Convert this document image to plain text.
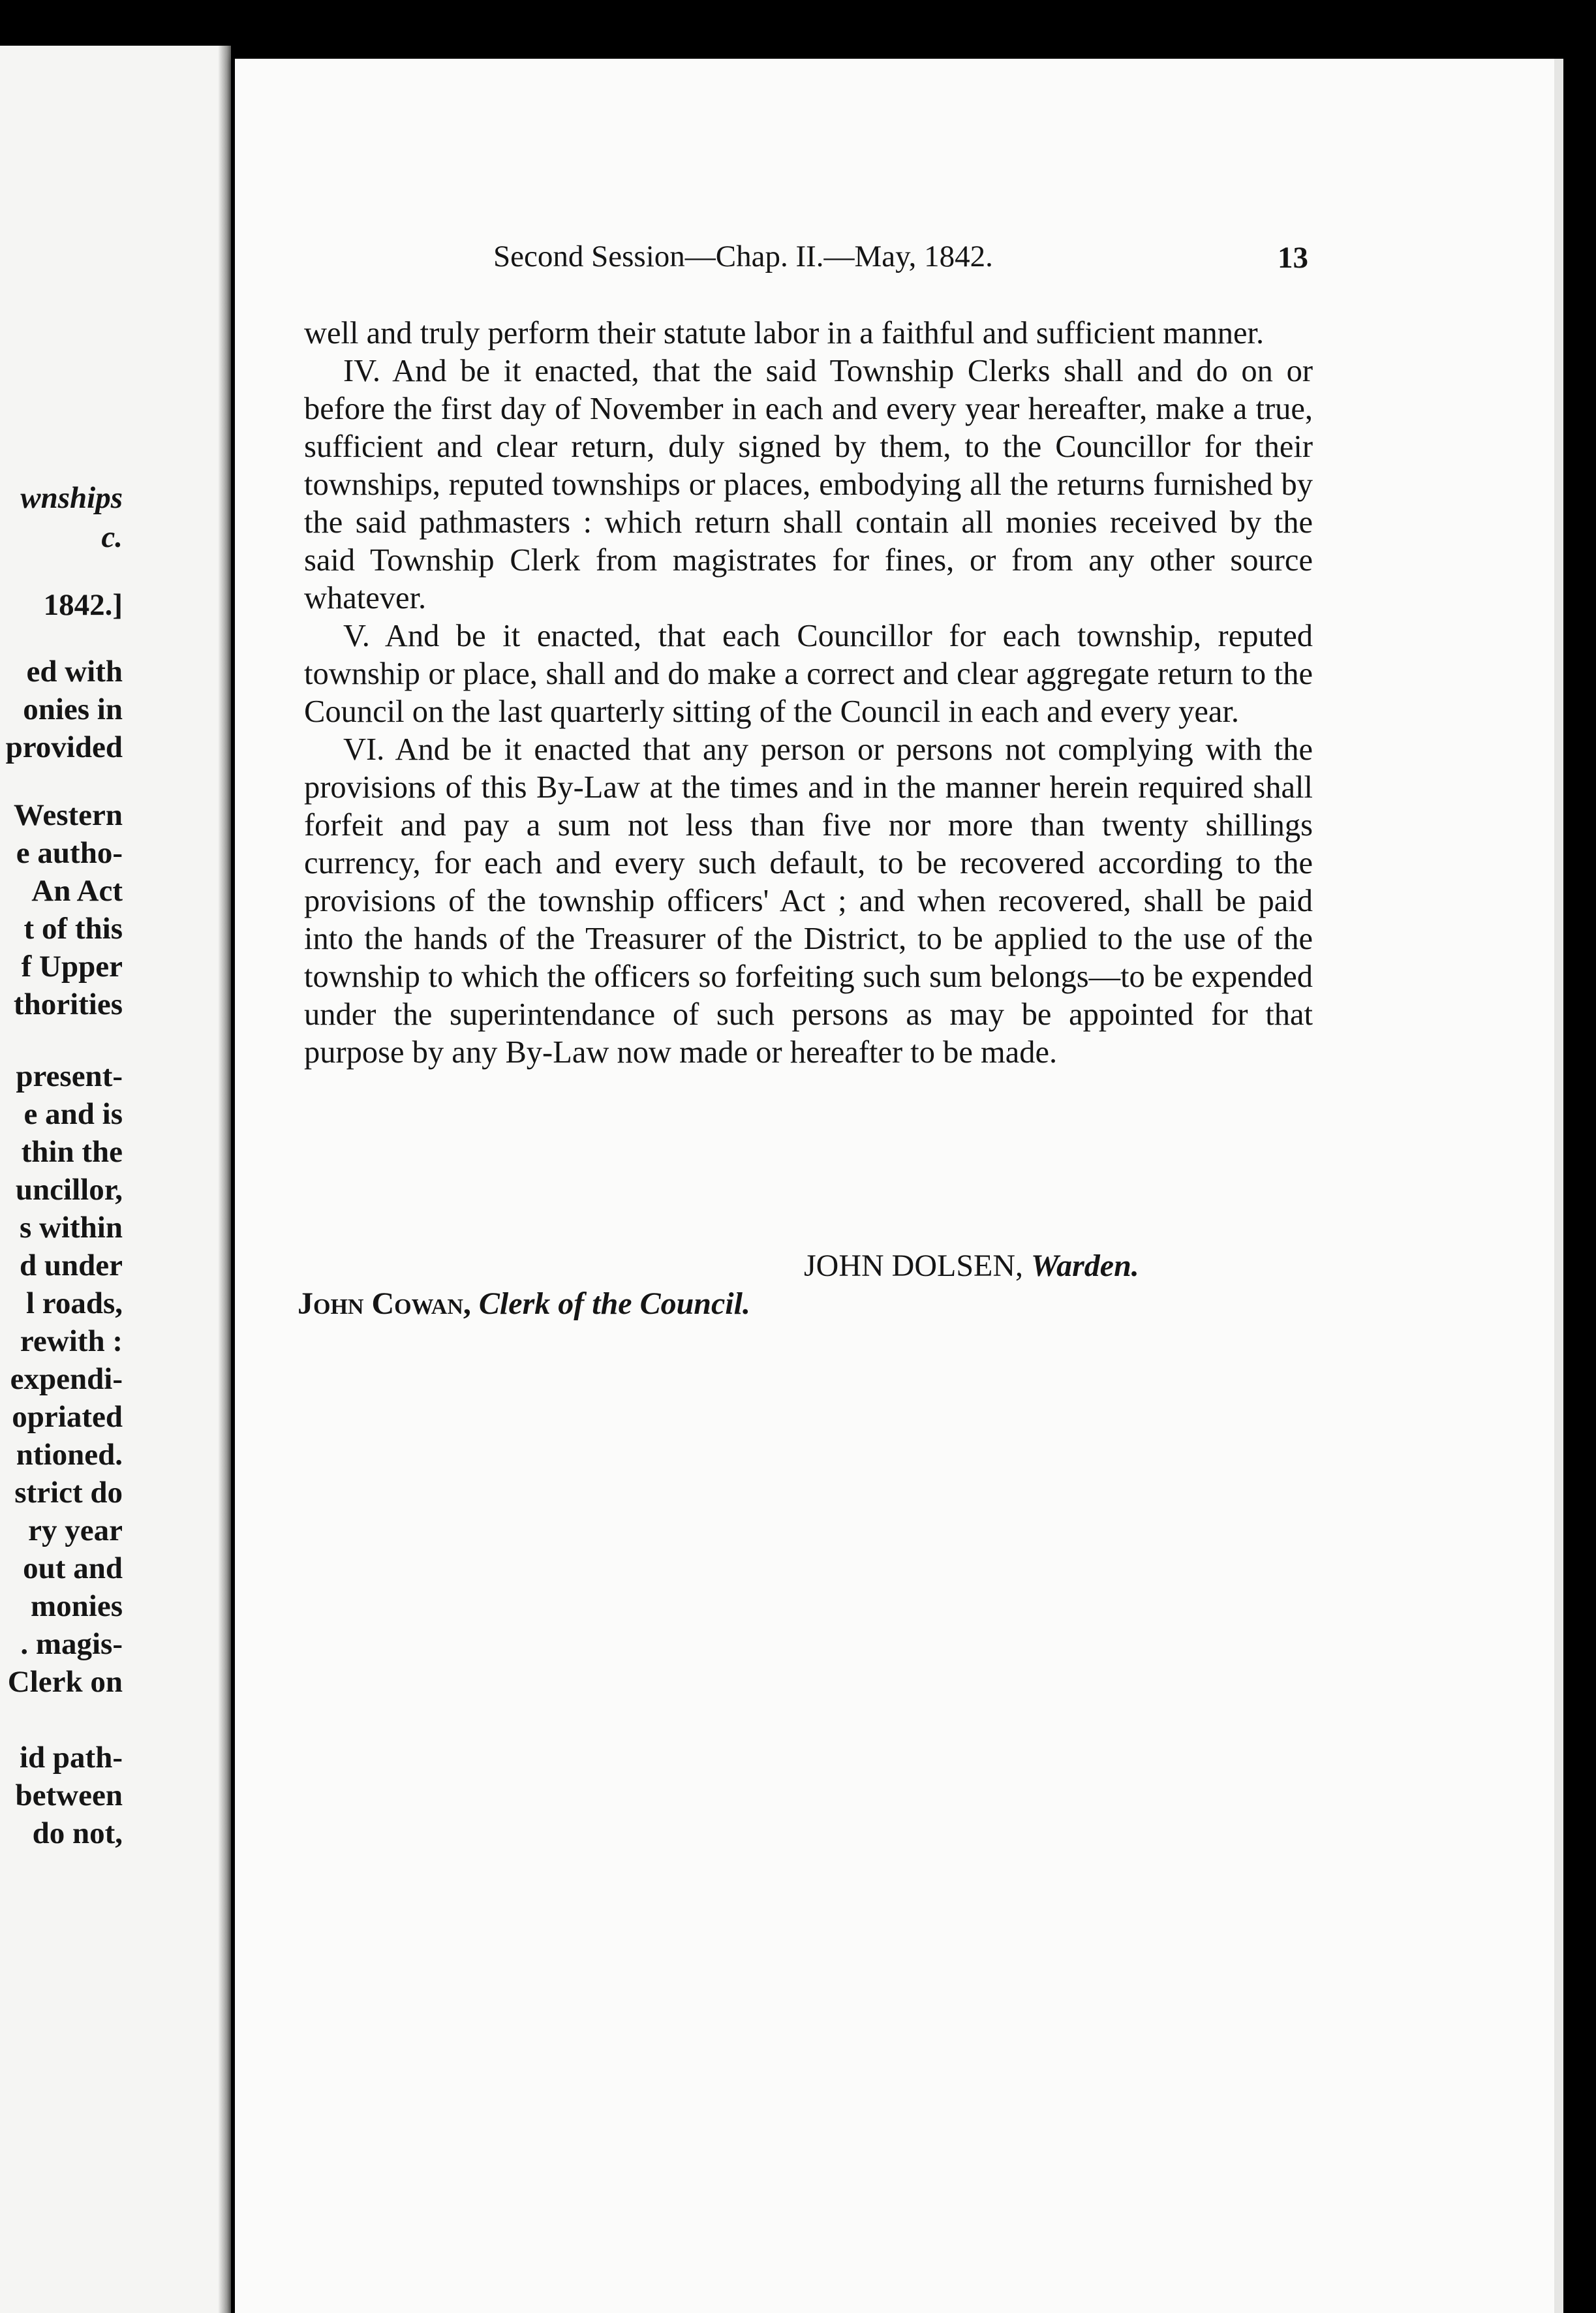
wnships
c.
1842.]
ed with
onies in
provided
Western
e autho-
An Act
t of this
f Upper
thorities
present-
e and is
thin the
uncillor,
s within
d under
l roads,
rewith :
expendi-
opriated
ntioned.
strict do
ry year
out and
monies
. magis-
Clerk on
id path-
between
do not,
Second Session—Chap. II.—May, 1842.	13

well and truly perform their statute labor in a faithful and sufficient manner.

IV. And be it enacted, that the said Township Clerks shall and do on or before the first day of November in each and every year hereafter, make a true, sufficient and clear return, duly signed by them, to the Councillor for their townships, reputed townships or places, embodying all the returns furnished by the said pathmasters : which return shall contain all monies received by the said Township Clerk from magistrates for fines, or from any other source whatever.

V. And be it enacted, that each Councillor for each township, reputed township or place, shall and do make a correct and clear aggregate return to the Council on the last quarterly sitting of the Council in each and every year.

VI. And be it enacted that any person or persons not complying with the provisions of this By-Law at the times and in the manner herein required shall forfeit and pay a sum not less than five nor more than twenty shillings currency, for each and every such default, to be recovered according to the provisions of the township officers' Act ; and when recovered, shall be paid into the hands of the Treasurer of the District, to be applied to the use of the township to which the officers so forfeiting such sum belongs—to be expended under the superintendance of such persons as may be appointed for that purpose by any By-Law now made or hereafter to be made.

JOHN DOLSEN, Warden.
John Cowan, Clerk of the Council.
